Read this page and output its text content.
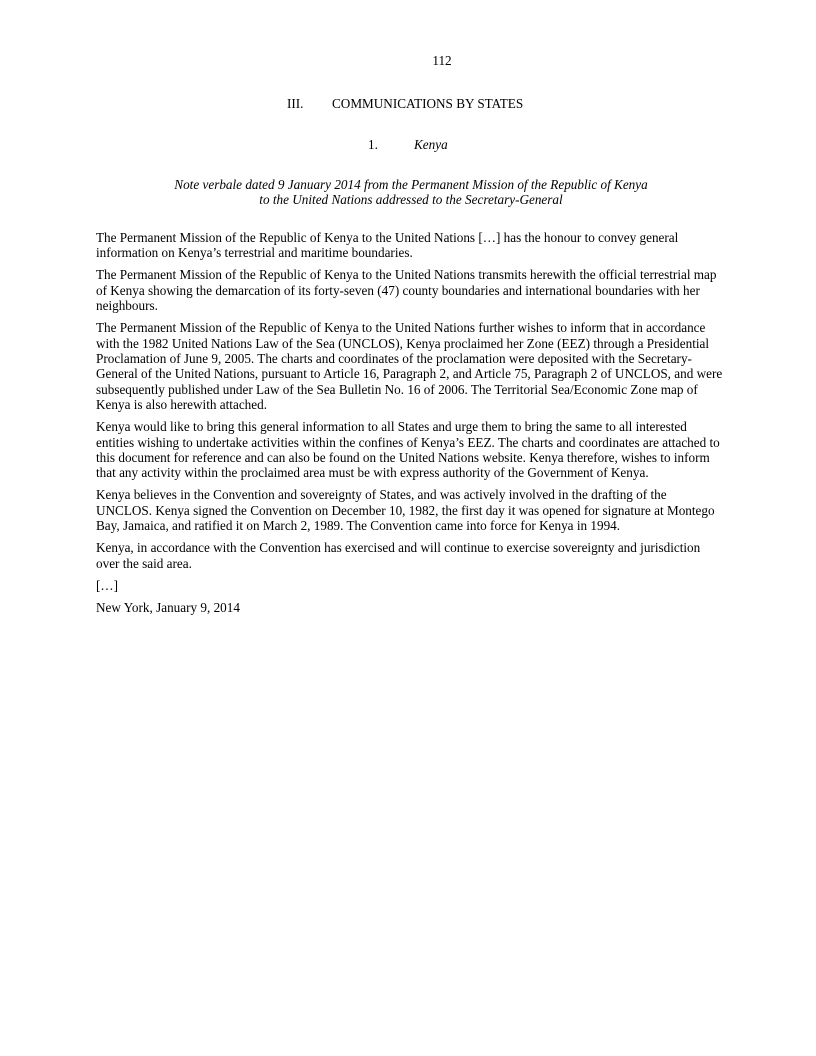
112
III. COMMUNICATIONS BY STATES
1.	Kenya
Note verbale dated 9 January 2014 from the Permanent Mission of the Republic of Kenya
to the United Nations addressed to the Secretary-General

The Permanent Mission of the Republic of Kenya to the United Nations […] has the honour to convey general information on Kenya’s terrestrial and maritime boundaries.

The Permanent Mission of the Republic of Kenya to the United Nations transmits herewith the official terrestrial map of Kenya showing the demarcation of its forty-seven (47) county boundaries and international boundaries with her neighbours.

The Permanent Mission of the Republic of Kenya to the United Nations further wishes to inform that in accordance with the 1982 United Nations Law of the Sea (UNCLOS), Kenya proclaimed her Zone (EEZ) through a Presidential Proclamation of June 9, 2005. The charts and coordinates of the proclamation were deposited with the Secretary-General of the United Nations, pursuant to Article 16, Paragraph 2, and Article 75, Paragraph 2 of UNCLOS, and were subsequently published under Law of the Sea Bulletin No. 16 of 2006. The Territorial Sea/Economic Zone map of Kenya is also herewith attached.

Kenya would like to bring this general information to all States and urge them to bring the same to all interested entities wishing to undertake activities within the confines of Kenya’s EEZ. The charts and coordinates are attached to this document for reference and can also be found on the United Nations website. Kenya therefore, wishes to inform that any activity within the proclaimed area must be with express authority of the Government of Kenya.

Kenya believes in the Convention and sovereignty of States, and was actively involved in the drafting of the UNCLOS. Kenya signed the Convention on December 10, 1982, the first day it was opened for signature at Montego Bay, Jamaica, and ratified it on March 2, 1989. The Convention came into force for Kenya in 1994.

Kenya, in accordance with the Convention has exercised and will continue to exercise sovereignty and jurisdiction over the said area.

[…]

New York, January 9, 2014
